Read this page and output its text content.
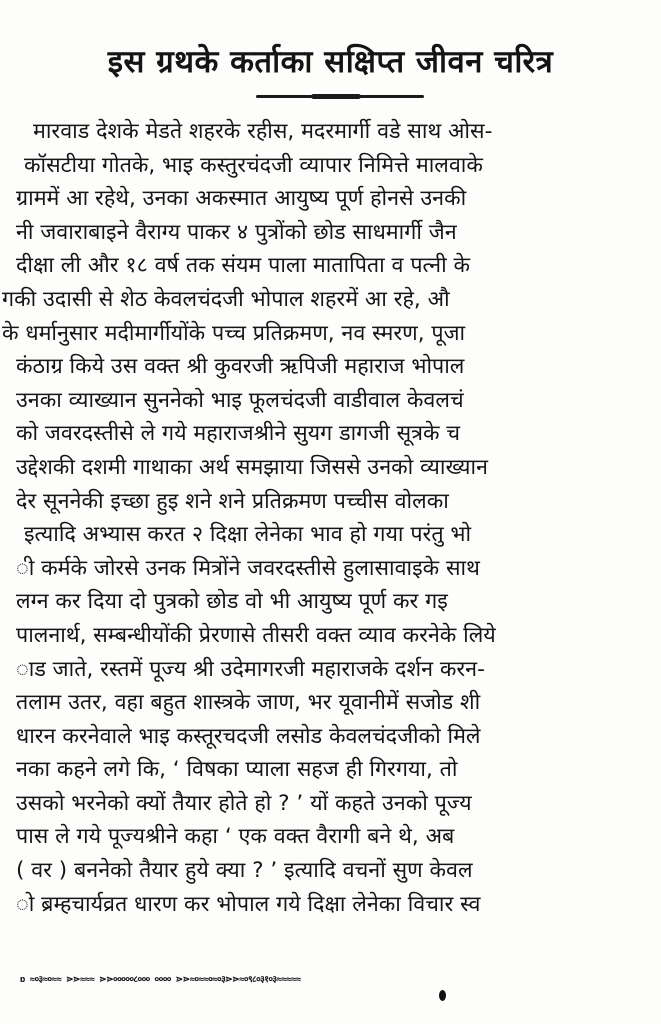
इस ग्रथके कर्ताका सक्षिप्त जीवन चरित्र
मारवाड देशके मेडते शहरके रहीस, मदरमार्गी वडे साथ ओस-
कॉसटीया गोतके, भाइ कस्तुरचंदजी व्यापार निमित्ते मालवाके
ग्राममें आ रहेथे, उनका अकस्मात आयुष्य पूर्ण होनसे उनकी
नी जवाराबाइने वैराग्य पाकर ४ पुत्रोंको छोड साधमार्गी जैन
दीक्षा ली और १८ वर्ष तक संयम पाला मातापिता व पत्नी के
गकी उदासी से शेठ केवलचंदजी भोपाल शहरमें आ रहे, औ
के धर्मानुसार मदीमार्गीयोंके पच्च प्रतिक्रमण, नव स्मरण, पूजा
कंठाग्र किये उस वक्त श्री कुवरजी ऋपिजी महाराज भोपाल
उनका व्याख्यान सुननेको भाइ फूलचंदजी वाडीवाल केवलचं
को जवरदस्तीसे ले गये महाराजश्रीने सुयग डागजी सूत्रके च
उद्देशकी दशमी गाथाका अर्थ समझाया जिससे उनको व्याख्यान
देर सूननेकी इच्छा हुइ शने शने प्रतिक्रमण पच्चीस वोलका
इत्यादि अभ्यास करत २ दिक्षा लेनेका भाव हो गया परंतु भो
ी कर्मके जोरसे उनक मित्रोंने जवरदस्तीसे हुलासावाइके साथ
लग्न कर दिया दो पुत्रको छोड वो भी आयुष्य पूर्ण कर गइ
पालनार्थ, सम्बन्धीयोंकी प्रेरणासे तीसरी वक्त व्याव करनेके लिये
ाड जाते, रस्तमें पूज्य श्री उदेमागरजी महाराजके दर्शन करन-
तलाम उतर, वहा बहुत शास्त्रके जाण, भर यूवानीमें सजोड शी
धारन करनेवाले भाइ कस्तूरचदजी लसोड केवलचंदजीको मिले
नका कहने लगे कि, ‘ विषका प्याला सहज ही गिरगया, तो
उसको भरनेको क्यों तैयार होते हो ? ’ यों कहते उनको पूज्य
पास ले गये पूज्यश्रीने कहा ‘ एक वक्त वैरागी बने थे, अब
( वर ) बननेको तैयार हुये क्या ? ’ इत्यादि वचनों सुण केवल
ो ब्रम्हचार्यव्रत धारण कर भोपाल गये दिक्षा लेनेका विचार स्व
ɒ ≈०३≈०≈≈ ⋗⋗≈≈≈ ⋗⋗०००००८००० ०००० ⋗⋗≈०≈≈०≈०३⋗⋗≈०९८०३१०३≈≈≈≈≈
